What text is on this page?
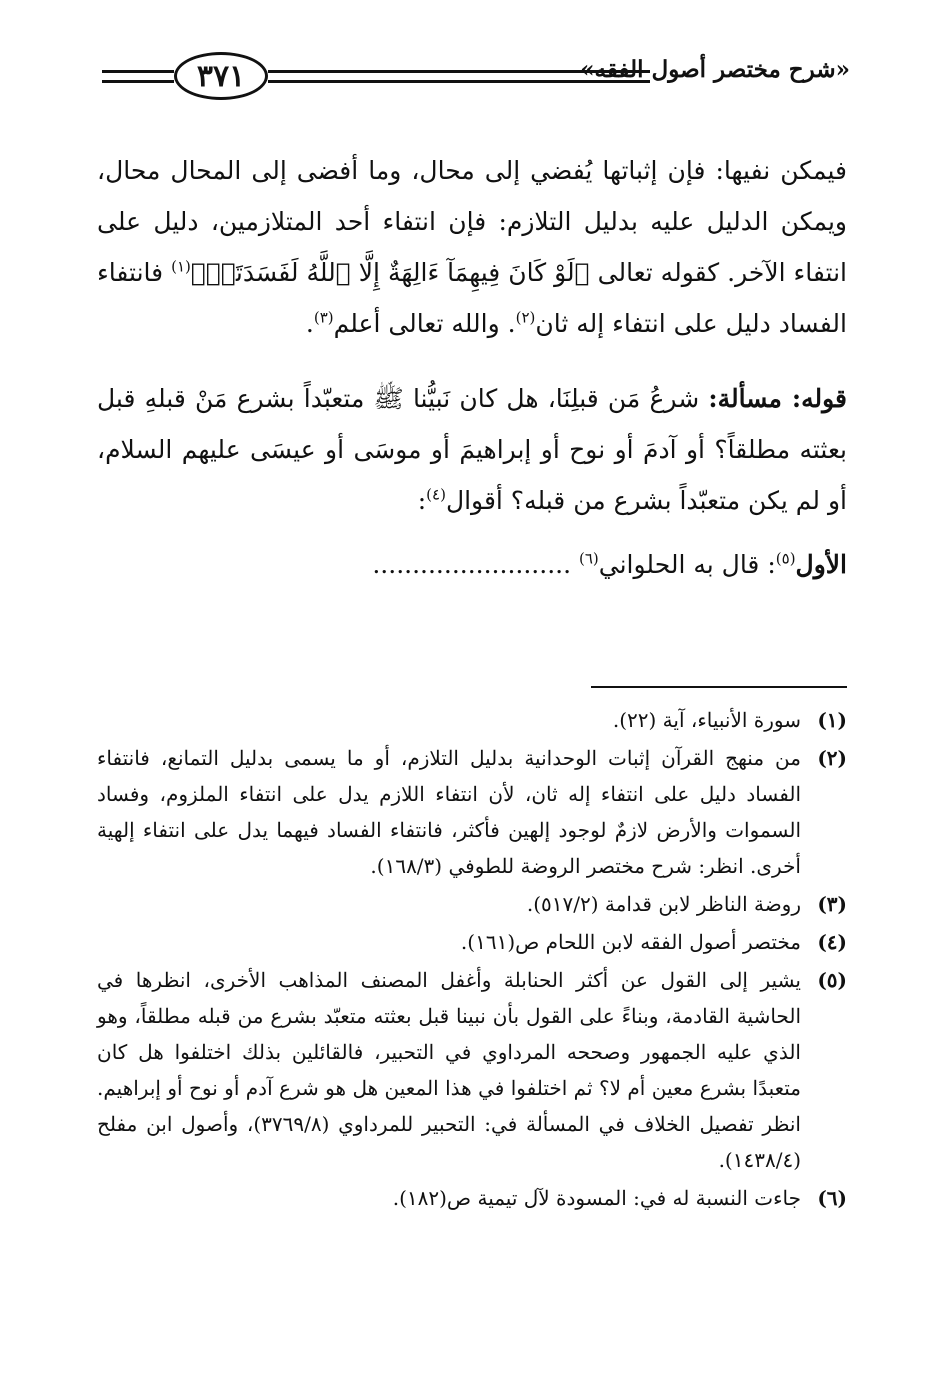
٣٧١	«شرح مختصر أصول الفقه»

فيمكن نفيها: فإن إثباتها يُفضي إلى محال، وما أفضى إلى المحال محال، ويمكن الدليل عليه بدليل التلازم: فإن انتفاء أحد المتلازمين، دليل على انتفاء الآخر. كقوله تعالى ﴿لَوْ كَانَ فِيهِمَآ ءَالِهَةٌ إِلَّا ٱللَّهُ لَفَسَدَتَاۚ﴾$^{(١)}$ فانتفاء الفساد دليل على انتفاء إله ثان$^{(٢)}$. والله تعالى أعلم$^{(٣)}$.

قوله: مسألة: شرعُ مَن قبلِنَا، هل كان نَبيُّنا ﷺ متعبّداً بشرع مَنْ قبلهِ قبل بعثته مطلقاً؟ أو آدمَ أو نوح أو إبراهيمَ أو موسَى أو عيسَى عليهم السلام، أو لم يكن متعبّداً بشرع من قبله؟ أقوال$^{(٤)}$:

الأول$^{(٥)}$: قال به الحلواني$^{(٦)}$ .........................

(١)
سورة الأنبياء، آية (٢٢).

(٢)
من منهج القرآن إثبات الوحدانية بدليل التلازم، أو ما يسمى بدليل التمانع، فانتفاء الفساد دليل على انتفاء إله ثان، لأن انتفاء اللازم يدل على انتفاء الملزوم، وفساد السموات والأرض لازمٌ لوجود إلهين فأكثر، فانتفاء الفساد فيهما يدل على انتفاء إلهية أخرى. انظر: شرح مختصر الروضة للطوفي (١٦٨/٣).

(٣)
روضة الناظر لابن قدامة (٥١٧/٢).

(٤)
مختصر أصول الفقه لابن اللحام ص(١٦١).

(٥)
يشير إلى القول عن أكثر الحنابلة وأغفل المصنف المذاهب الأخرى، انظرها في الحاشية القادمة، وبناءً على القول بأن نبينا قبل بعثته متعبّد بشرع من قبله مطلقاً، وهو الذي عليه الجمهور وصححه المرداوي في التحبير، فالقائلين بذلك اختلفوا هل كان متعبدًا بشرع معين أم لا؟ ثم اختلفوا في هذا المعين هل هو شرع آدم أو نوح أو إبراهيم. انظر تفصيل الخلاف في المسألة في: التحبير للمرداوي (٣٧٦٩/٨)، وأصول ابن مفلح (١٤٣٨/٤).

(٦)
جاءت النسبة له في: المسودة لآل تيمية ص(١٨٢).
